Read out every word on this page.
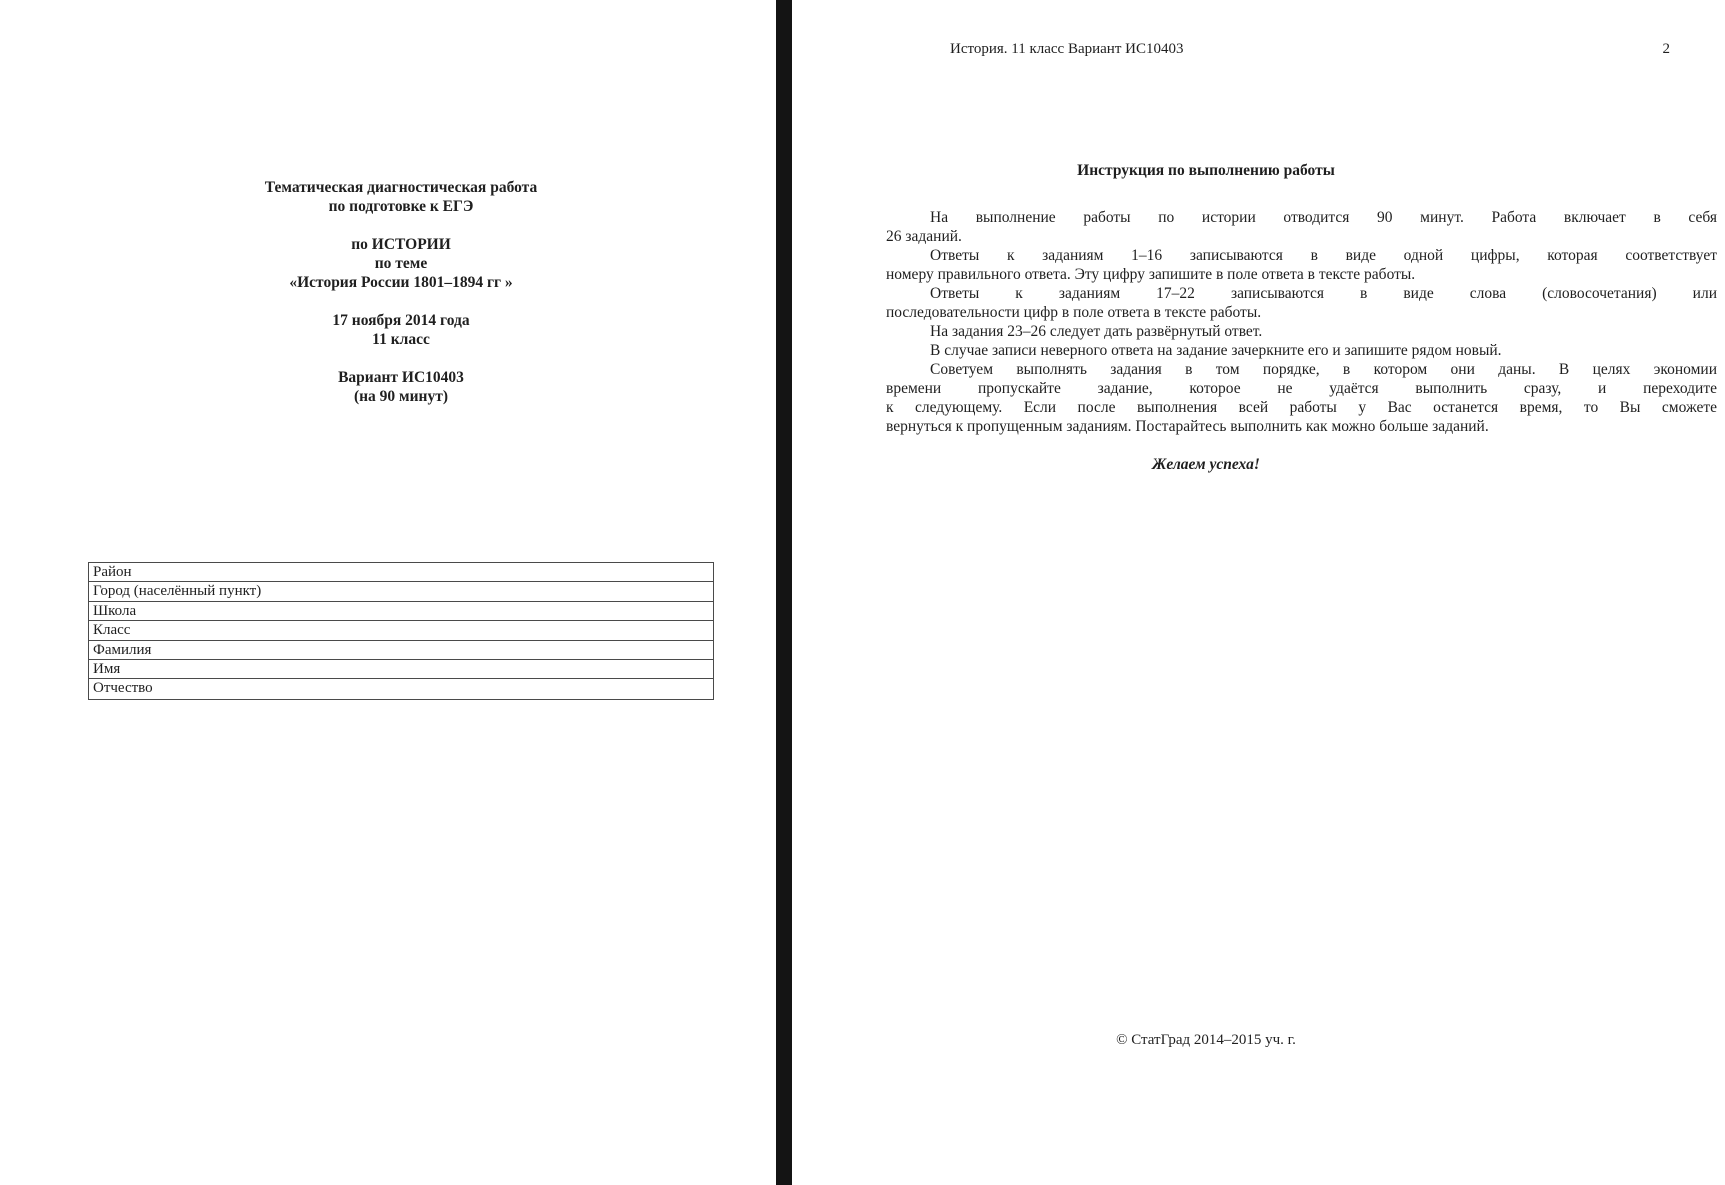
Тематическая диагностическая работа
по подготовке к ЕГЭ
по ИСТОРИИ
по теме
«История России 1801–1894 гг »
17 ноября 2014 года
11 класс
Вариант ИС10403
(на 90 минут)
Район
Город (населённый пункт)
Школа
Класс
Фамилия
Имя
Отчество
История. 11 класс Вариант ИС10403	2
Инструкция по выполнению работы
На выполнение работы по истории отводится 90 минут. Работа включает в себя
26 заданий.
Ответы к заданиям 1–16 записываются в виде одной цифры, которая соответствует
номеру правильного ответа. Эту цифру запишите в поле ответа в тексте работы.
Ответы к заданиям 17–22 записываются в виде слова (словосочетания) или
последовательности цифр в поле ответа в тексте работы.
На задания 23–26 следует дать развёрнутый ответ.
В случае записи неверного ответа на задание зачеркните его и запишите рядом новый.
Советуем выполнять задания в том порядке, в котором они даны. В целях экономии
времени пропускайте задание, которое не удаётся выполнить сразу, и переходите
к следующему. Если после выполнения всей работы у Вас останется время, то Вы сможете
вернуться к пропущенным заданиям. Постарайтесь выполнить как можно больше заданий.
Желаем успеха!
© СтатГрад 2014–2015 уч. г.
